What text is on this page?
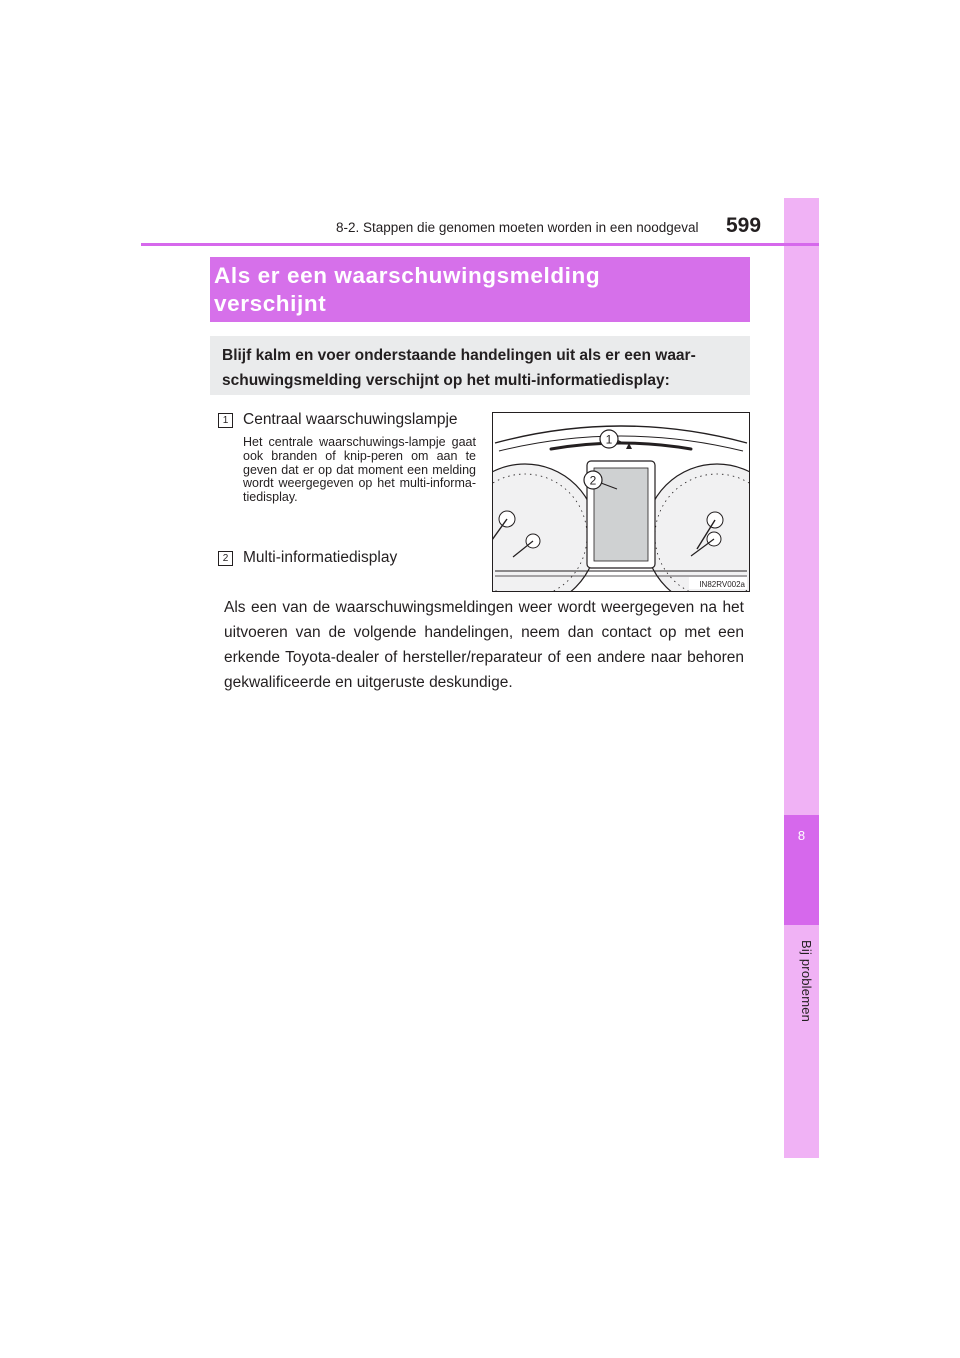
8
Bij problemen
8-2. Stappen die genomen moeten worden in een noodgeval 599

Als er een waarschuwingsmelding

verschijnt

Blijf kalm en voer onderstaande handelingen uit als er een waar-

schuwingsmelding verschijnt op het multi-informatiedisplay:

1 Centraal waarschuwingslampje

Het centrale waarschuwings-lampje gaat ook branden of knip-peren om aan te geven dat er op dat moment een melding wordt weergegeven op het multi-informa-tiedisplay.

2 Multi-informatiedisplay
1
2
IN82RV002a

Als een van de waarschuwingsmeldingen weer wordt weergegeven na het uitvoeren van de volgende handelingen, neem dan contact op met een erkende Toyota-dealer of hersteller/reparateur of een andere naar behoren gekwalificeerde en uitgeruste deskundige.
